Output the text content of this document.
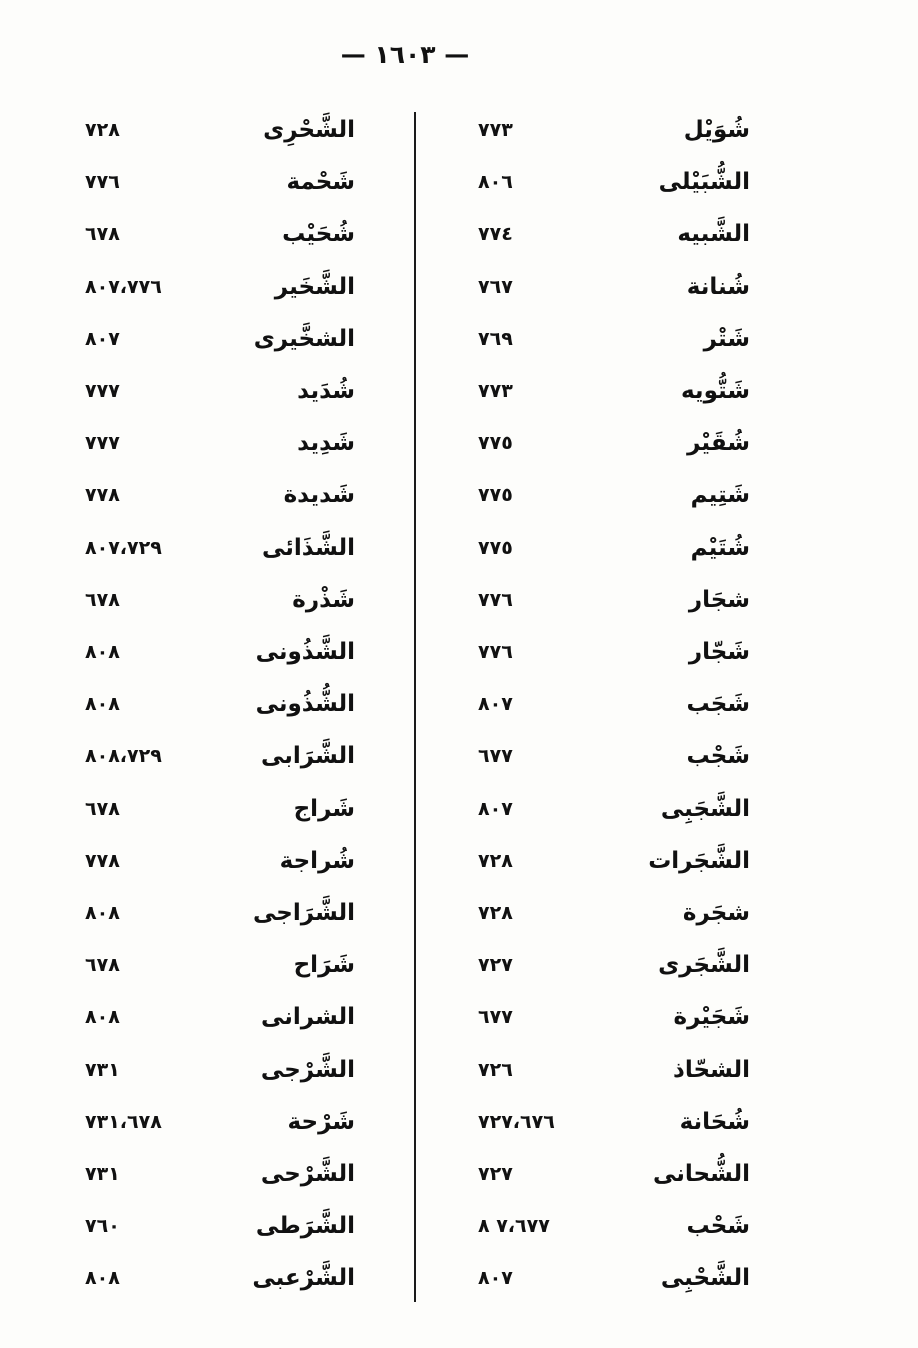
— ١٦٠٣ —
شُوَيْل
٧٧٣
الشُّبَيْلى
٨٠٦
الشَّبيه
٧٧٤
شُنانة
٧٦٧
شَتْر
٧٦٩
شَتُّويه
٧٧٣
شُقَيْر
٧٧٥
شَتِيم
٧٧٥
شُتَيْم
٧٧٥
شجَار
٧٧٦
شَجّار
٧٧٦
شَجَب
٨٠٧
شَجْب
٦٧٧
الشَّجَبِى
٨٠٧
الشَّجَرات
٧٢٨
شجَرة
٧٢٨
الشَّجَرى
٧٢٧
شَجَيْرة
٦٧٧
الشحّاذ
٧٢٦
شُحَانة
٧٢٧،٦٧٦
الشُّحانى
٧٢٧
شَحْب
٨ ٧،٦٧٧
الشَّحْبِى
٨٠٧
الشَّحْرِى
٧٢٨
شَحْمة
٧٧٦
شُحَيْب
٦٧٨
الشَّخَير
٨٠٧،٧٧٦
الشخَّيرى
٨٠٧
شُدَيد
٧٧٧
شَدِيد
٧٧٧
شَديدة
٧٧٨
الشَّذَائى
٨٠٧،٧٢٩
شَذْرة
٦٧٨
الشَّذُونى
٨٠٨
الشُّذُونى
٨٠٨
الشَّرَابى
٨٠٨،٧٢٩
شَراج
٦٧٨
شُراجة
٧٧٨
الشَّرَاجى
٨٠٨
شَرَاح
٦٧٨
الشرانى
٨٠٨
الشَّرْجى
٧٣١
شَرْحة
٧٣١،٦٧٨
الشَّرْحى
٧٣١
الشَّرَطى
٧٦٠
الشَّرْعبى
٨٠٨
